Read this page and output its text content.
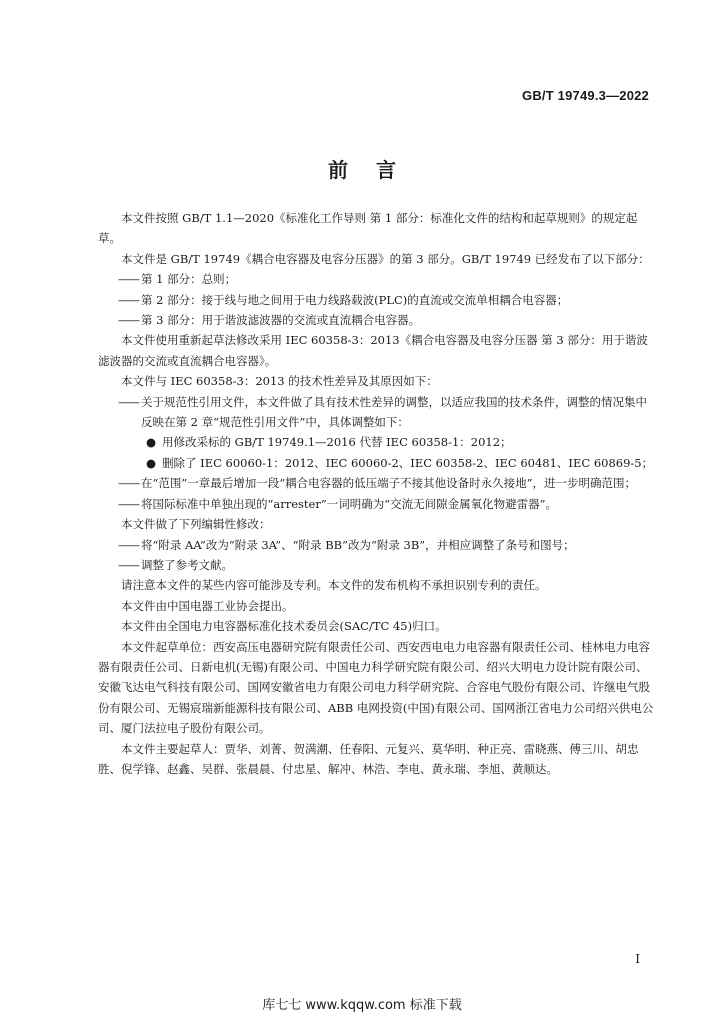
GB/T 19749.3—2022
前言

本文件按照 GB/T 1.1—2020《标准化工作导则 第 1 部分：标准化文件的结构和起草规则》的规定起草。

本文件是 GB/T 19749《耦合电容器及电容分压器》的第 3 部分。GB/T 19749 已经发布了以下部分：

—— 第 1 部分：总则；

—— 第 2 部分：接于线与地之间用于电力线路载波(PLC)的直流或交流单相耦合电容器；

—— 第 3 部分：用于谐波滤波器的交流或直流耦合电容器。

本文件使用重新起草法修改采用 IEC 60358-3：2013《耦合电容器及电容分压器 第 3 部分：用于谐波滤波器的交流或直流耦合电容器》。

本文件与 IEC 60358-3：2013 的技术性差异及其原因如下：

—— 关于规范性引用文件，本文件做了具有技术性差异的调整，以适应我国的技术条件，调整的情况集中反映在第 2 章“规范性引用文件”中，具体调整如下：

● 用修改采标的 GB/T 19749.1—2016 代替 IEC 60358-1：2012；

● 删除了 IEC 60060-1：2012、IEC 60060-2、IEC 60358-2、IEC 60481、IEC 60869-5；

—— 在“范围”一章最后增加一段“耦合电容器的低压端子不接其他设备时永久接地”，进一步明确范围；

—— 将国际标准中单独出现的“arrester”一词明确为“交流无间隙金属氧化物避雷器”。

本文件做了下列编辑性修改：

—— 将“附录 AA”改为“附录 3A”、“附录 BB”改为“附录 3B”，并相应调整了条号和图号；

—— 调整了参考文献。

请注意本文件的某些内容可能涉及专利。本文件的发布机构不承担识别专利的责任。

本文件由中国电器工业协会提出。

本文件由全国电力电容器标准化技术委员会(SAC/TC 45)归口。

本文件起草单位：西安高压电器研究院有限责任公司、西安西电电力电容器有限责任公司、桂林电力电容器有限责任公司、日新电机(无锡)有限公司、中国电力科学研究院有限公司、绍兴大明电力设计院有限公司、安徽飞达电气科技有限公司、国网安徽省电力有限公司电力科学研究院、合容电气股份有限公司、许继电气股份有限公司、无锡宸瑞新能源科技有限公司、ABB 电网投资(中国)有限公司、国网浙江省电力公司绍兴供电公司、厦门法拉电子股份有限公司。

本文件主要起草人：贾华、刘菁、贺满潮、任春阳、元复兴、莫华明、种正亮、雷晓燕、傅三川、胡忠胜、倪学锋、赵鑫、吴群、张晨晨、付忠星、解冲、林浩、李电、黄永瑞、李旭、黄顺达。

I
库七七 www.kqqw.com 标准下载
